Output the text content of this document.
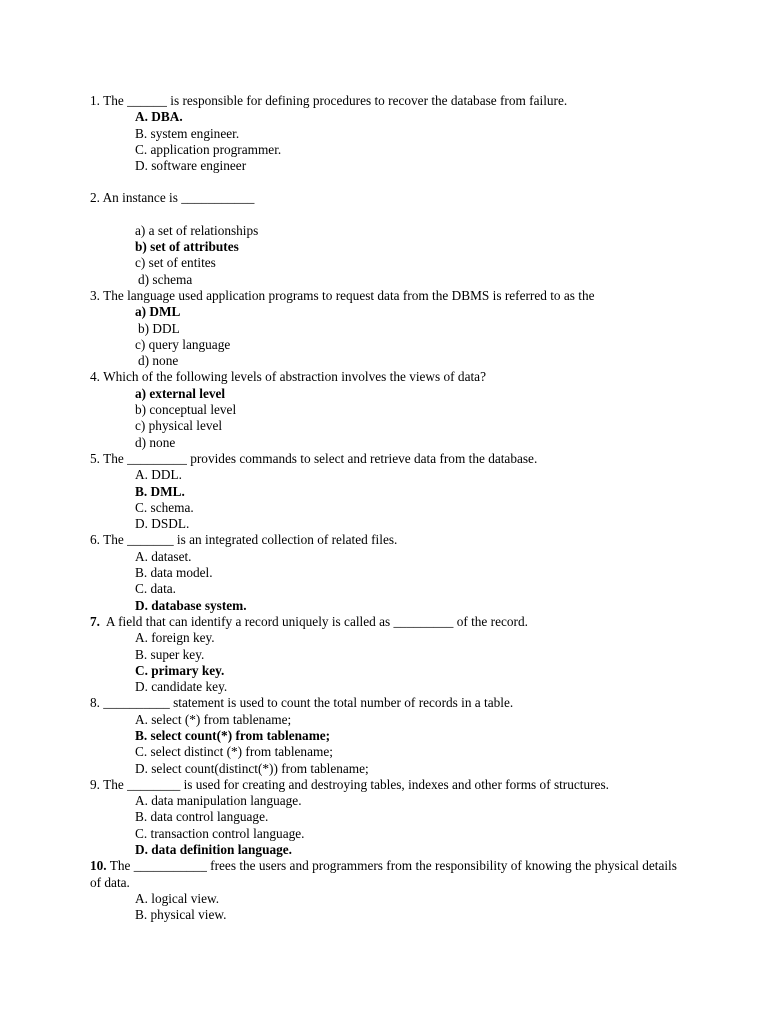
1. The ______ is responsible for defining procedures to recover the database from failure.
A. DBA.
B. system engineer.
C. application programmer.
D. software engineer
2. An instance is ___________
a) a set of relationships
b) set of attributes
c) set of entites
d) schema
3. The language used application programs to request data from the DBMS is referred to as the
a) DML
b) DDL
c) query language
d) none
4. Which of the following levels of abstraction involves the views of data?
a) external level
b) conceptual level
c) physical level
d) none
5. The _________ provides commands to select and retrieve data from the database.
A. DDL.
B. DML.
C. schema.
D. DSDL.
6. The _______ is an integrated collection of related files.
A. dataset.
B. data model.
C. data.
D. database system.
7.  A field that can identify a record uniquely is called as _________ of the record.
A. foreign key.
B. super key.
C. primary key.
D. candidate key.
8. __________ statement is used to count the total number of records in a table.
A. select (*) from tablename;
B. select count(*) from tablename;
C. select distinct (*) from tablename;
D. select count(distinct(*)) from tablename;
9. The ________ is used for creating and destroying tables, indexes and other forms of structures.
A. data manipulation language.
B. data control language.
C. transaction control language.
D. data definition language.
10. The ___________ frees the users and programmers from the responsibility of knowing the physical details of data.
A. logical view.
B. physical view.
